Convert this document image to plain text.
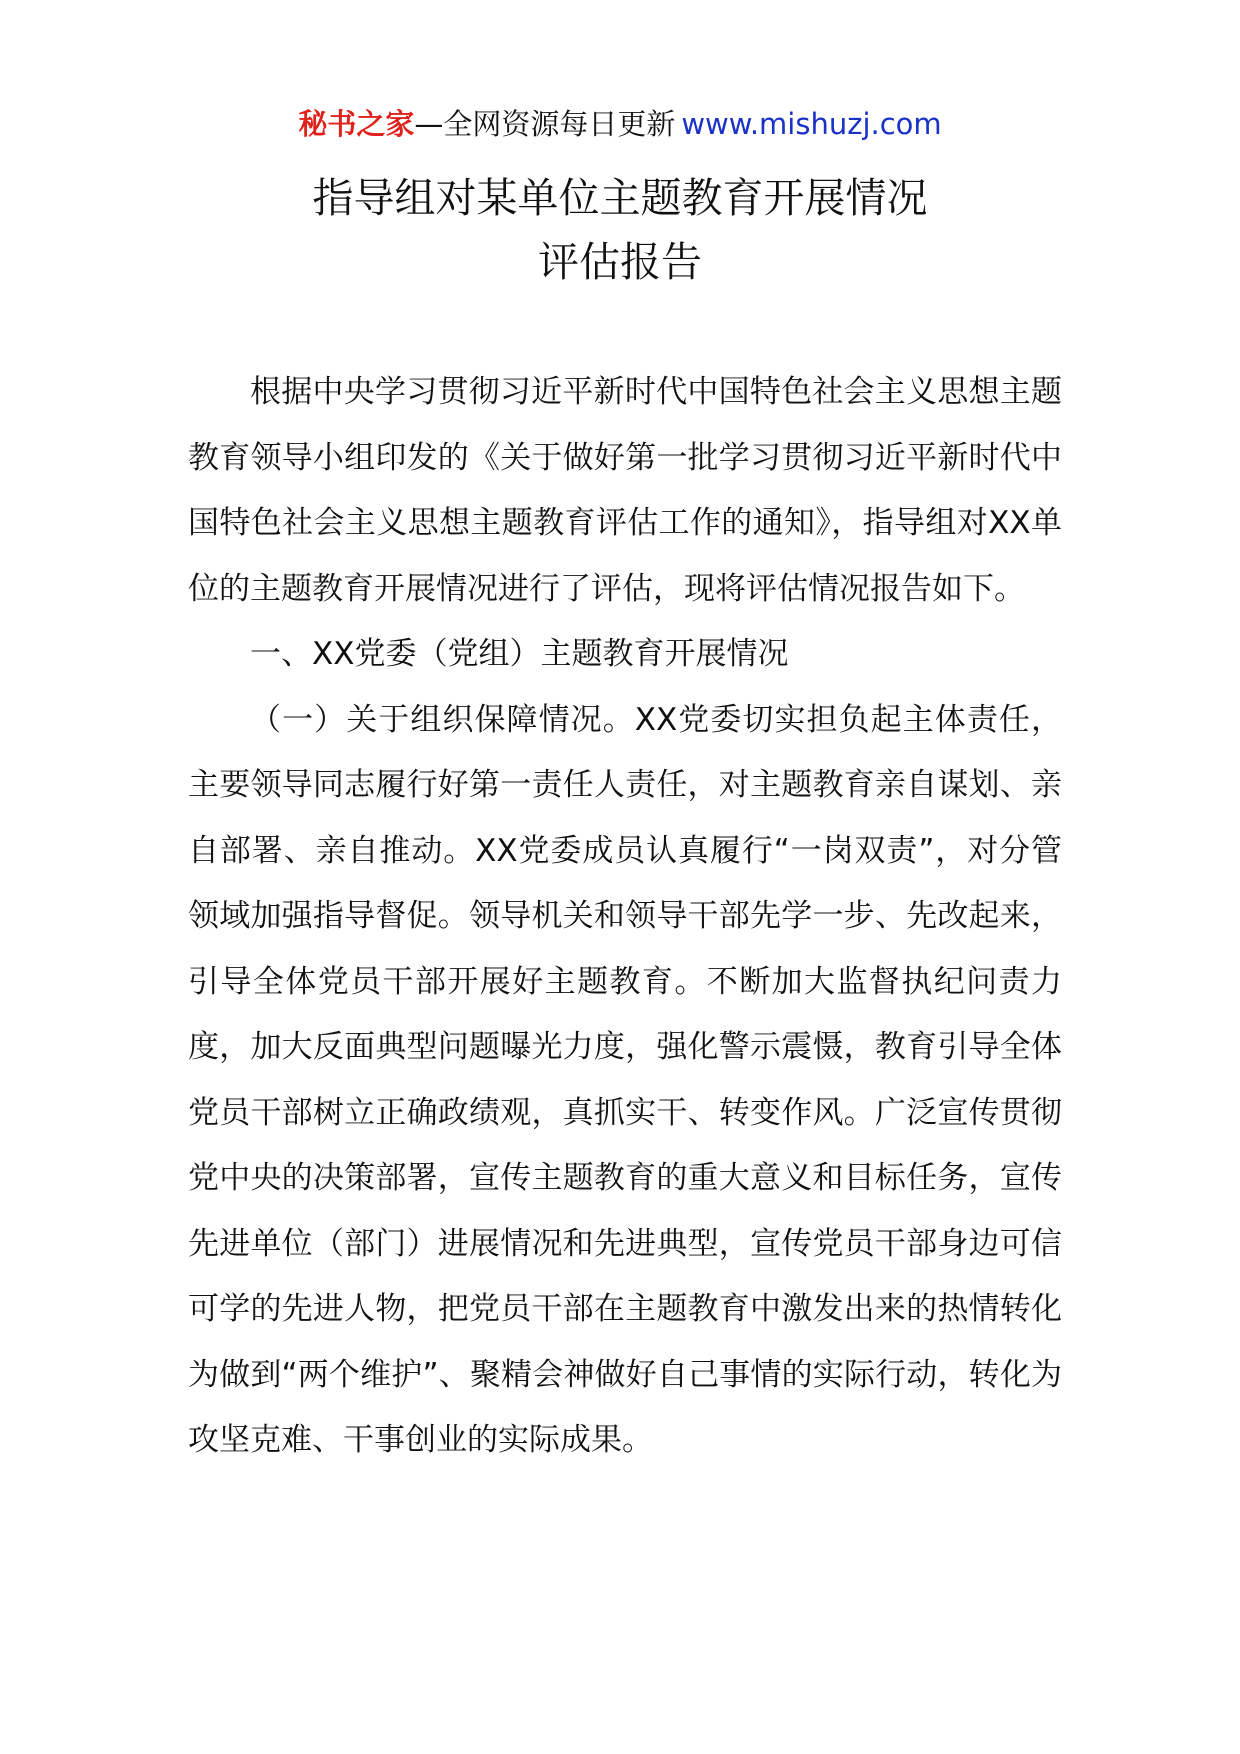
秘书之家—全网资源每日更新 www.mishuzj.com
指导组对某单位主题教育开展情况
评估报告

根据中央学习贯彻习近平新时代中国特色社会主义思想主题教育领导小组印发的《关于做好第一批学习贯彻习近平新时代中国特色社会主义思想主题教育评估工作的通知》，指导组对XX单位的主题教育开展情况进行了评估，现将评估情况报告如下。

一、XX党委（党组）主题教育开展情况

（一）关于组织保障情况。XX党委切实担负起主体责任，主要领导同志履行好第一责任人责任，对主题教育亲自谋划、亲自部署、亲自推动。XX党委成员认真履行“一岗双责”，对分管领域加强指导督促。领导机关和领导干部先学一步、先改起来，引导全体党员干部开展好主题教育。不断加大监督执纪问责力度，加大反面典型问题曝光力度，强化警示震慑，教育引导全体党员干部树立正确政绩观，真抓实干、转变作风。广泛宣传贯彻党中央的决策部署，宣传主题教育的重大意义和目标任务，宣传先进单位（部门）进展情况和先进典型，宣传党员干部身边可信可学的先进人物，把党员干部在主题教育中激发出来的热情转化为做到“两个维护”、聚精会神做好自己事情的实际行动，转化为攻坚克难、干事创业的实际成果。
